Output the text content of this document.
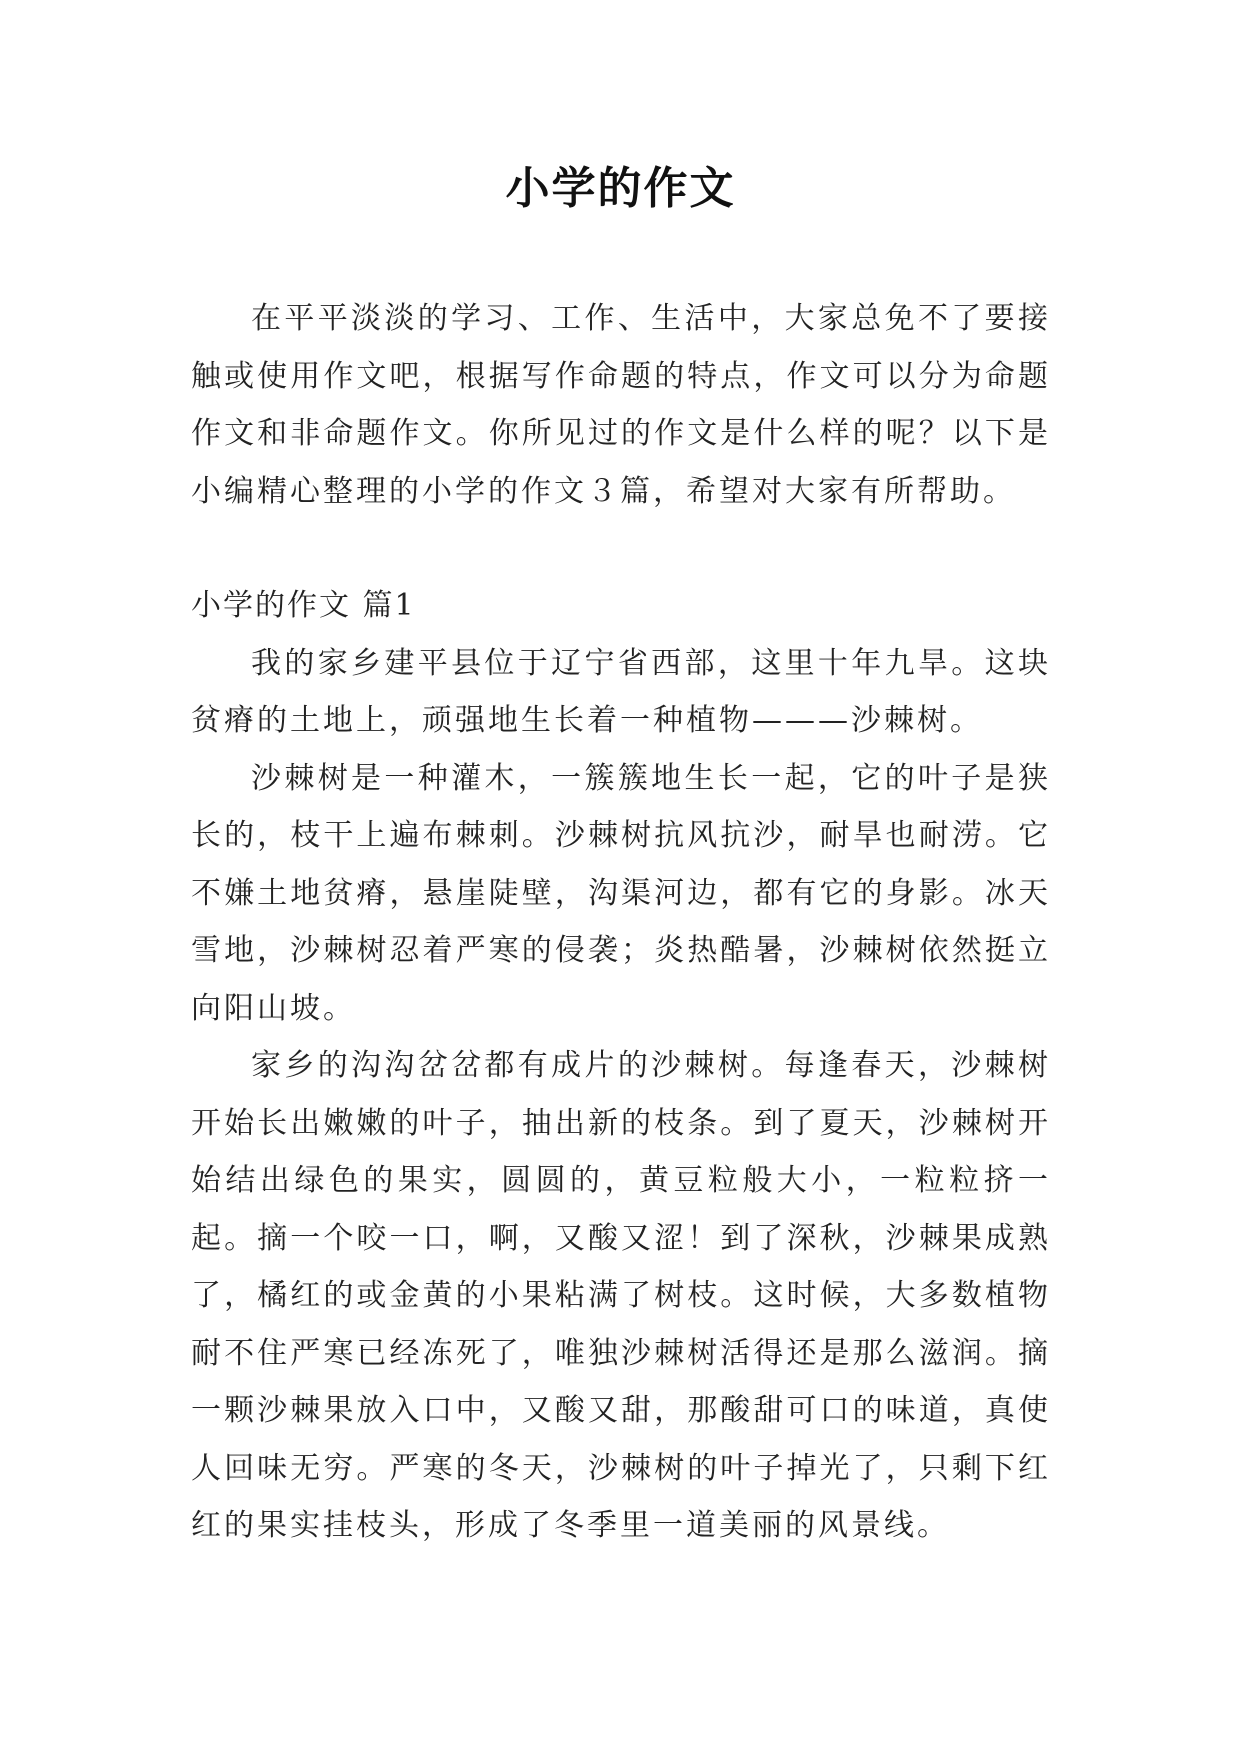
小学的作文

在平平淡淡的学习、工作、生活中，大家总免不了要接触或使用作文吧，根据写作命题的特点，作文可以分为命题作文和非命题作文。你所见过的作文是什么样的呢？以下是小编精心整理的小学的作文３篇，希望对大家有所帮助。

小学的作文 篇1

我的家乡建平县位于辽宁省西部，这里十年九旱。这块贫瘠的土地上，顽强地生长着一种植物———沙棘树。

沙棘树是一种灌木，一簇簇地生长一起，它的叶子是狭长的，枝干上遍布棘刺。沙棘树抗风抗沙，耐旱也耐涝。它不嫌土地贫瘠，悬崖陡壁，沟渠河边，都有它的身影。冰天雪地，沙棘树忍着严寒的侵袭；炎热酷暑，沙棘树依然挺立向阳山坡。

家乡的沟沟岔岔都有成片的沙棘树。每逢春天，沙棘树开始长出嫩嫩的叶子，抽出新的枝条。到了夏天，沙棘树开始结出绿色的果实，圆圆的，黄豆粒般大小，一粒粒挤一起。摘一个咬一口，啊，又酸又涩！到了深秋，沙棘果成熟了，橘红的或金黄的小果粘满了树枝。这时候，大多数植物耐不住严寒已经冻死了，唯独沙棘树活得还是那么滋润。摘一颗沙棘果放入口中，又酸又甜，那酸甜可口的味道，真使人回味无穷。严寒的冬天，沙棘树的叶子掉光了，只剩下红红的果实挂枝头，形成了冬季里一道美丽的风景线。
